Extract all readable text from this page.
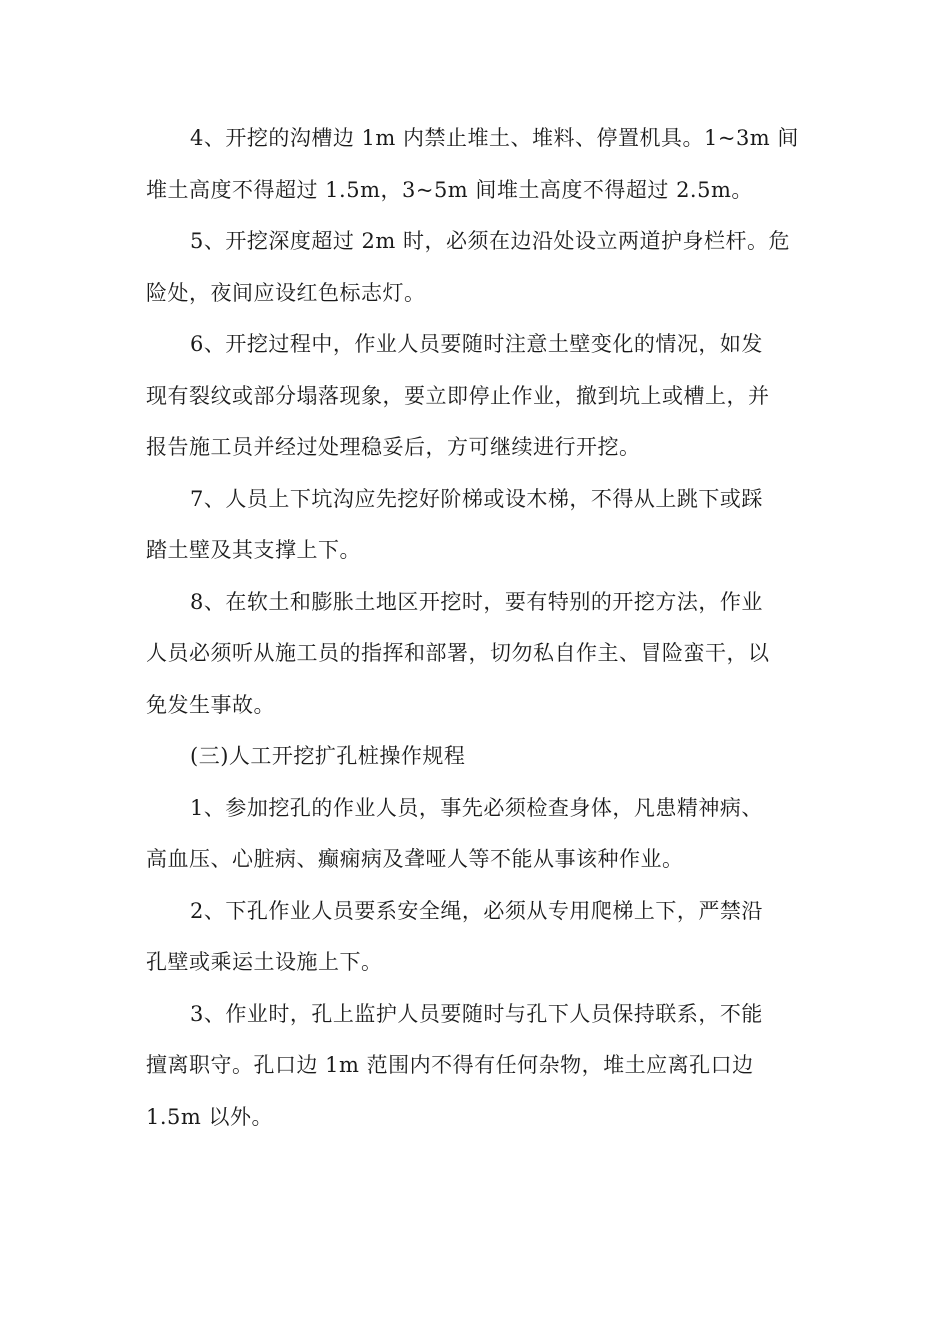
4、开挖的沟槽边 1m 内禁止堆土、堆料、停置机具。1~3m 间
堆土高度不得超过 1.5m，3~5m 间堆土高度不得超过 2.5m。
5、开挖深度超过 2m 时，必须在边沿处设立两道护身栏杆。危
险处，夜间应设红色标志灯。
6、开挖过程中，作业人员要随时注意土壁变化的情况，如发
现有裂纹或部分塌落现象，要立即停止作业，撤到坑上或槽上，并
报告施工员并经过处理稳妥后，方可继续进行开挖。
7、人员上下坑沟应先挖好阶梯或设木梯，不得从上跳下或踩
踏土壁及其支撑上下。
8、在软土和膨胀土地区开挖时，要有特别的开挖方法，作业
人员必须听从施工员的指挥和部署，切勿私自作主、冒险蛮干，以
免发生事故。
(三)人工开挖扩孔桩操作规程
1、参加挖孔的作业人员，事先必须检查身体，凡患精神病、
高血压、心脏病、癫痫病及聋哑人等不能从事该种作业。
2、下孔作业人员要系安全绳，必须从专用爬梯上下，严禁沿
孔壁或乘运土设施上下。
3、作业时，孔上监护人员要随时与孔下人员保持联系，不能
擅离职守。孔口边 1m 范围内不得有任何杂物，堆土应离孔口边
1.5m 以外。
